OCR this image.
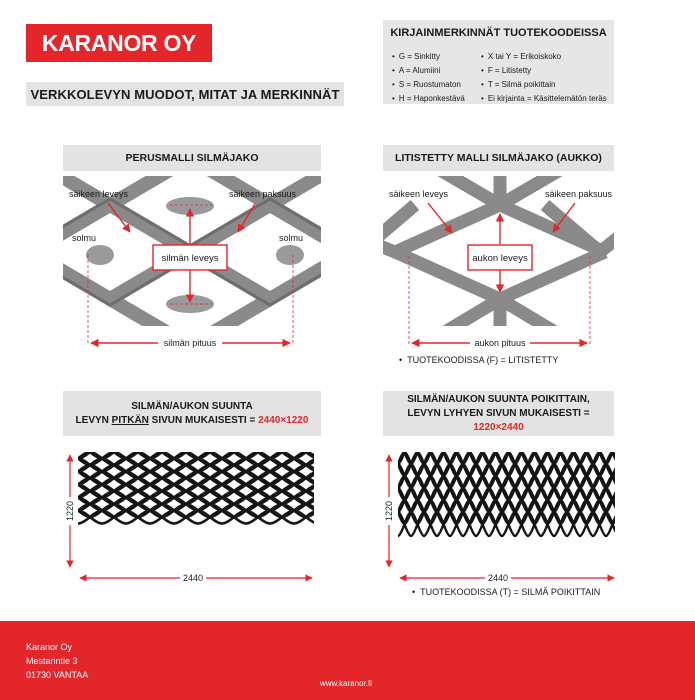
KARANOR OY
VERKKOLEVYN MUODOT, MITAT JA MERKINNÄT
KIRJAINMERKINNÄT TUOTEKOODEISSA
• G = Sinkitty
• A = Alumiini
• S = Ruostumaton
• H = Haponkestävä
• X tai Y = Erikoiskoko
• F = Litistetty
• T = Silmä poikittain
• Ei kirjainta = Käsittelemätön teräs
PERUSMALLI SILMÄJAKO	LITISTETTY MALLI SILMÄJAKO (AUKKO)
SILMÄN/AUKON SUUNTA
LEVYN PITKÄN SIVUN MUKAISESTI = 2440×1220
SILMÄN/AUKON SUUNTA POIKITTAIN,
LEVYN LYHYEN SIVUN MUKAISESTI = 1220×2440
silmän leveys
säikeen leveys	säikeen paksuus
solmu	solmu
silmän pituus
aukon leveys
säikeen leveys	säikeen paksuus
aukon pituus
1220
2440
1220
2440
• TUOTEKOODISSA (F) = LITISTETTY
• TUOTEKOODISSA (T) = SILMÄ POIKITTAIN
Karanor Oy
Mestarintie 3
01730 VANTAA
www.karanor.fi
